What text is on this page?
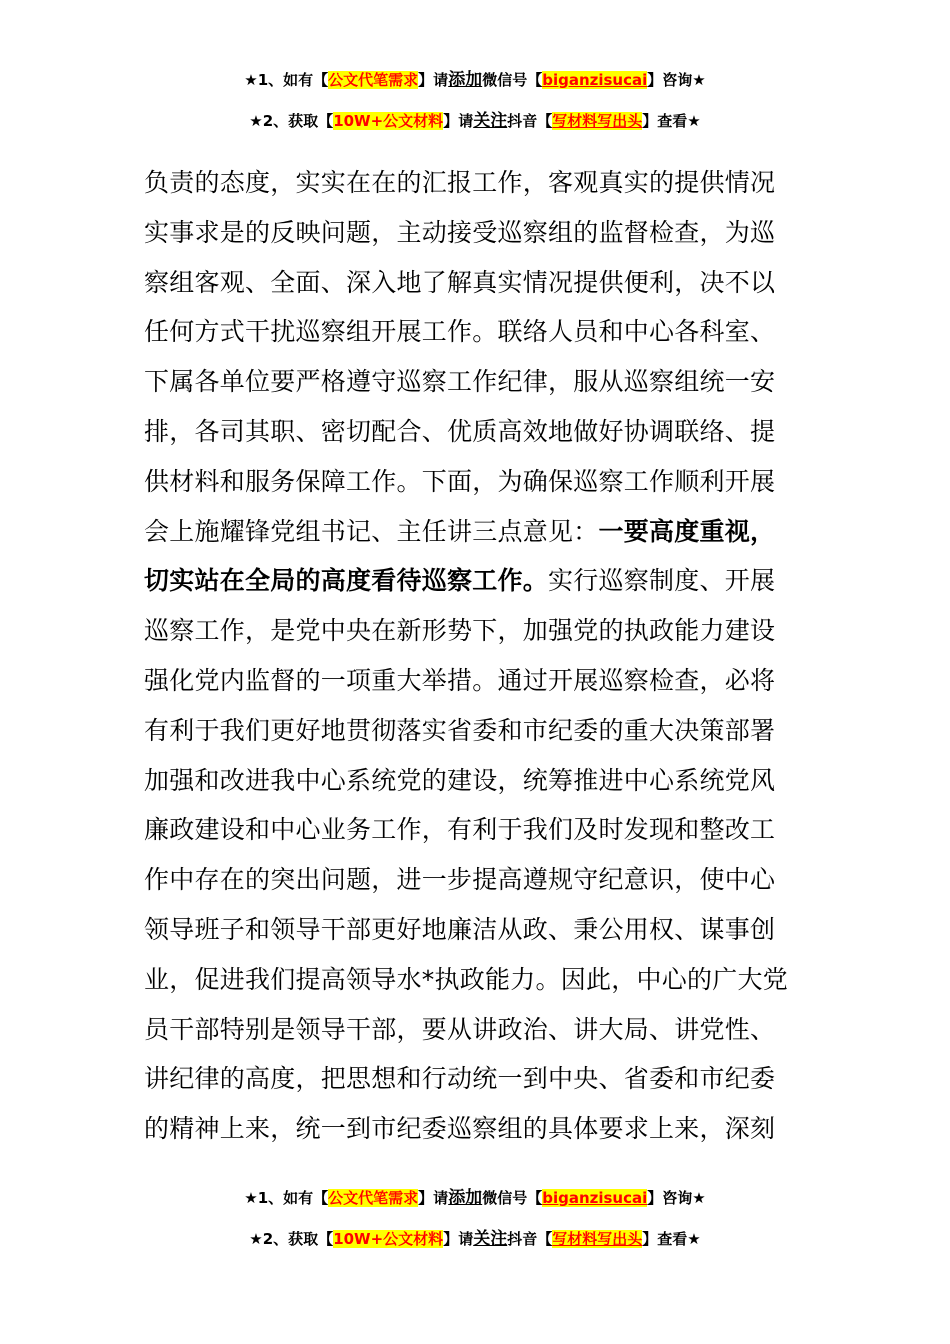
★1、如有【公文代笔需求】请添加微信号【biganzisucai】咨询★
★2、获取【10W+公文材料】请关注抖音【写材料写出头】查看★
负责的态度，实实在在的汇报工作，客观真实的提供情况
实事求是的反映问题，主动接受巡察组的监督检查，为巡
察组客观、全面、深入地了解真实情况提供便利，决不以
任何方式干扰巡察组开展工作。联络人员和中心各科室、
下属各单位要严格遵守巡察工作纪律，服从巡察组统一安
排，各司其职、密切配合、优质高效地做好协调联络、提
供材料和服务保障工作。下面，为确保巡察工作顺利开展
会上施耀锋党组书记、主任讲三点意见：一要高度重视，
切实站在全局的高度看待巡察工作。实行巡察制度、开展
巡察工作，是党中央在新形势下，加强党的执政能力建设
强化党内监督的一项重大举措。通过开展巡察检查，必将
有利于我们更好地贯彻落实省委和市纪委的重大决策部署
加强和改进我中心系统党的建设，统筹推进中心系统党风
廉政建设和中心业务工作，有利于我们及时发现和整改工
作中存在的突出问题，进一步提高遵规守纪意识，使中心
领导班子和领导干部更好地廉洁从政、秉公用权、谋事创
业，促进我们提高领导水*执政能力。因此，中心的广大党
员干部特别是领导干部，要从讲政治、讲大局、讲党性、
讲纪律的高度，把思想和行动统一到中央、省委和市纪委
的精神上来，统一到市纪委巡察组的具体要求上来，深刻
★1、如有【公文代笔需求】请添加微信号【biganzisucai】咨询★
★2、获取【10W+公文材料】请关注抖音【写材料写出头】查看★
